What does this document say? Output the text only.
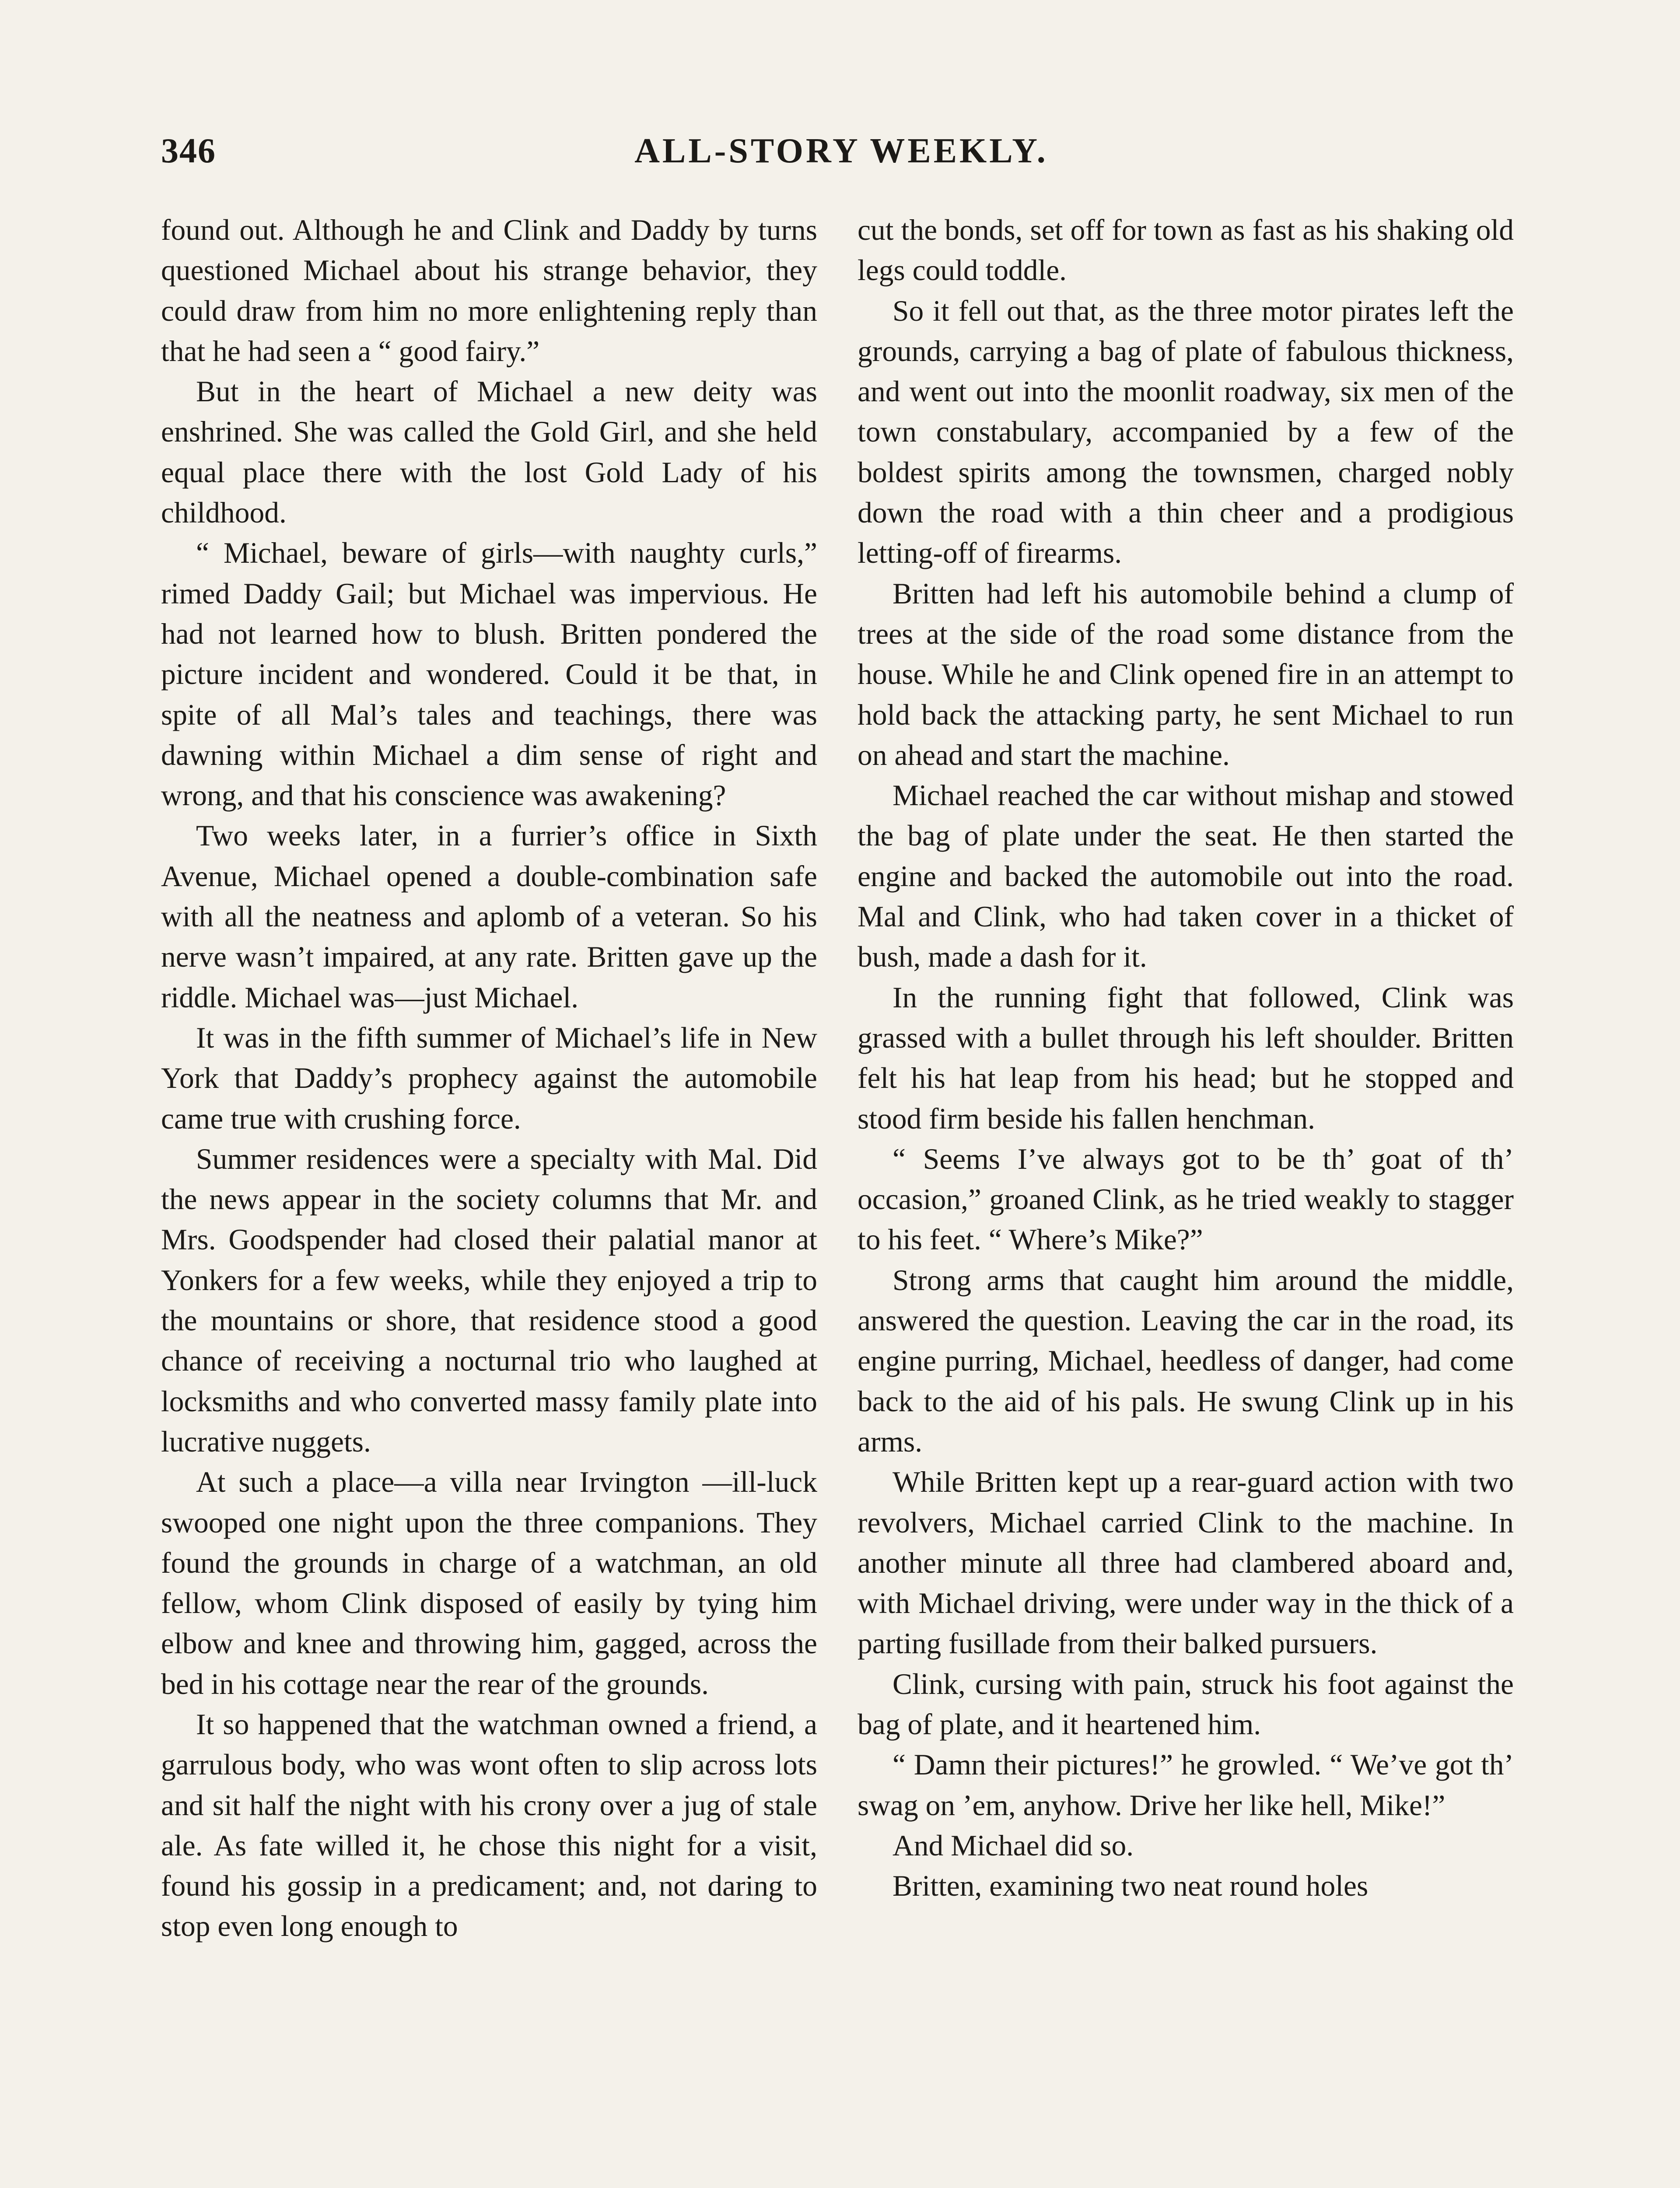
346	ALL-STORY WEEKLY.

found out. Although he and Clink and Daddy by turns questioned Michael about his strange behavior, they could draw from him no more enlightening reply than that he had seen a “ good fairy.”

But in the heart of Michael a new deity was enshrined. She was called the Gold Girl, and she held equal place there with the lost Gold Lady of his childhood.

“ Michael, beware of girls—with naughty curls,” rimed Daddy Gail; but Michael was impervious. He had not learned how to blush. Britten pondered the picture incident and wondered. Could it be that, in spite of all Mal’s tales and teachings, there was dawning within Michael a dim sense of right and wrong, and that his conscience was awakening?

Two weeks later, in a furrier’s office in Sixth Avenue, Michael opened a double-combination safe with all the neatness and aplomb of a veteran. So his nerve wasn’t impaired, at any rate. Britten gave up the riddle. Michael was—just Michael.

It was in the fifth summer of Michael’s life in New York that Daddy’s prophecy against the automobile came true with crushing force.

Summer residences were a specialty with Mal. Did the news appear in the society columns that Mr. and Mrs. Goodspender had closed their palatial manor at Yonkers for a few weeks, while they enjoyed a trip to the mountains or shore, that residence stood a good chance of receiving a nocturnal trio who laughed at locksmiths and who converted massy family plate into lucrative nuggets.

At such a place—a villa near Irvington —ill-luck swooped one night upon the three companions. They found the grounds in charge of a watchman, an old fellow, whom Clink disposed of easily by tying him elbow and knee and throwing him, gagged, across the bed in his cottage near the rear of the grounds.

It so happened that the watchman owned a friend, a garrulous body, who was wont often to slip across lots and sit half the night with his crony over a jug of stale ale. As fate willed it, he chose this night for a visit, found his gossip in a predicament; and, not daring to stop even long enough to

cut the bonds, set off for town as fast as his shaking old legs could toddle.

So it fell out that, as the three motor pirates left the grounds, carrying a bag of plate of fabulous thickness, and went out into the moonlit roadway, six men of the town constabulary, accompanied by a few of the boldest spirits among the townsmen, charged nobly down the road with a thin cheer and a prodigious letting-off of firearms.

Britten had left his automobile behind a clump of trees at the side of the road some distance from the house. While he and Clink opened fire in an attempt to hold back the attacking party, he sent Michael to run on ahead and start the machine.

Michael reached the car without mishap and stowed the bag of plate under the seat. He then started the engine and backed the automobile out into the road. Mal and Clink, who had taken cover in a thicket of bush, made a dash for it.

In the running fight that followed, Clink was grassed with a bullet through his left shoulder. Britten felt his hat leap from his head; but he stopped and stood firm beside his fallen henchman.

“ Seems I’ve always got to be th’ goat of th’ occasion,” groaned Clink, as he tried weakly to stagger to his feet. “ Where’s Mike?”

Strong arms that caught him around the middle, answered the question. Leaving the car in the road, its engine purring, Michael, heedless of danger, had come back to the aid of his pals. He swung Clink up in his arms.

While Britten kept up a rear-guard action with two revolvers, Michael carried Clink to the machine. In another minute all three had clambered aboard and, with Michael driving, were under way in the thick of a parting fusillade from their balked pursuers.

Clink, cursing with pain, struck his foot against the bag of plate, and it heartened him.

“ Damn their pictures!” he growled. “ We’ve got th’ swag on ’em, anyhow. Drive her like hell, Mike!”

And Michael did so.

Britten, examining two neat round holes
